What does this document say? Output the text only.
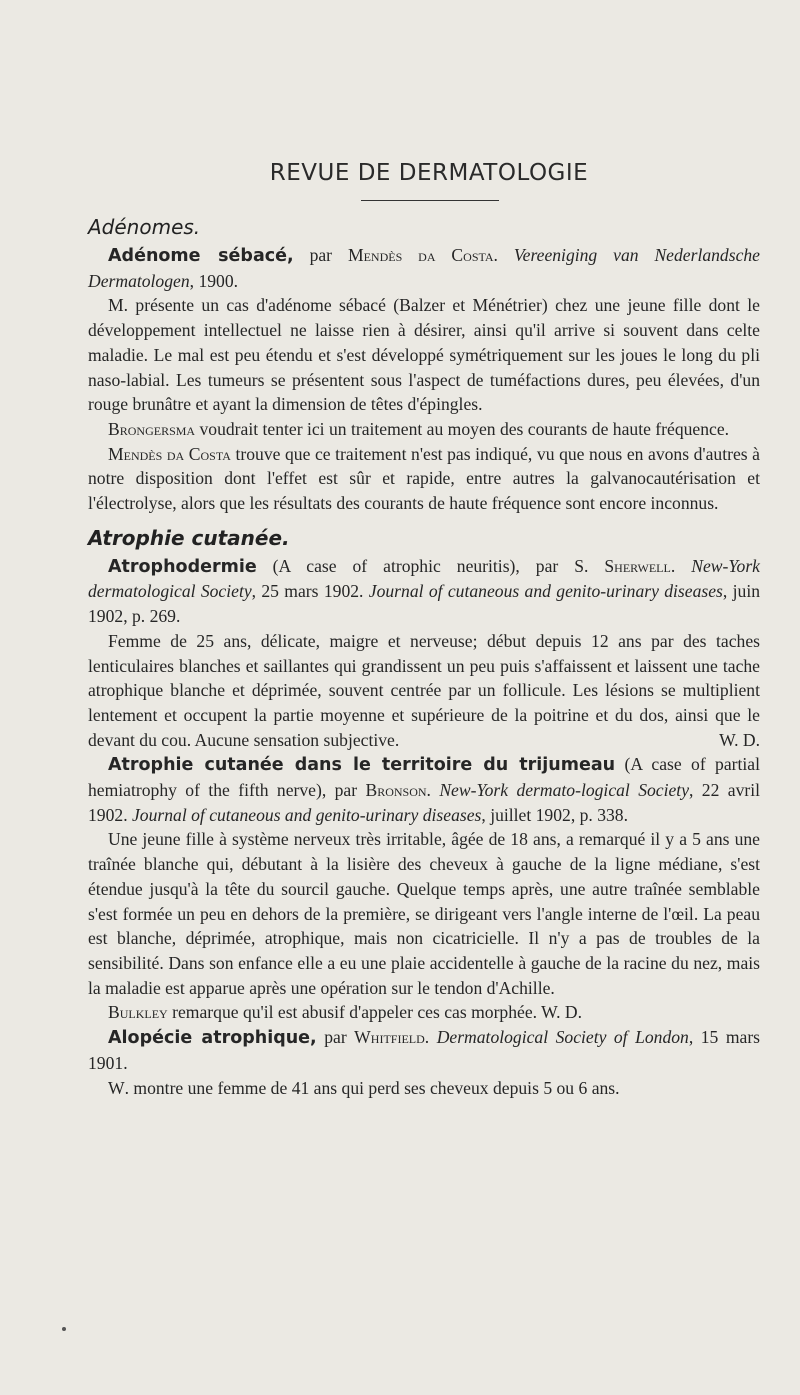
REVUE DE DERMATOLOGIE
Adénomes.

Adénome sébacé, par Mendès da Costa. Vereeniging van Nederlandsche Dermatologen, 1900.

M. présente un cas d'adénome sébacé (Balzer et Ménétrier) chez une jeune fille dont le développement intellectuel ne laisse rien à désirer, ainsi qu'il arrive si souvent dans celte maladie. Le mal est peu étendu et s'est développé symétriquement sur les joues le long du pli naso-labial. Les tumeurs se présentent sous l'aspect de tuméfactions dures, peu élevées, d'un rouge brunâtre et ayant la dimension de têtes d'épingles.

Brongersma voudrait tenter ici un traitement au moyen des courants de haute fréquence.

Mendès da Costa trouve que ce traitement n'est pas indiqué, vu que nous en avons d'autres à notre disposition dont l'effet est sûr et rapide, entre autres la galvanocautérisation et l'électrolyse, alors que les résultats des courants de haute fréquence sont encore inconnus.

Atrophie cutanée.

Atrophodermie (A case of atrophic neuritis), par S. Sherwell. New-York dermatological Society, 25 mars 1902. Journal of cutaneous and genito-urinary diseases, juin 1902, p. 269.

Femme de 25 ans, délicate, maigre et nerveuse; début depuis 12 ans par des taches lenticulaires blanches et saillantes qui grandissent un peu puis s'affaissent et laissent une tache atrophique blanche et déprimée, souvent centrée par un follicule. Les lésions se multiplient lentement et occupent la partie moyenne et supérieure de la poitrine et du dos, ainsi que le devant du cou. Aucune sensation subjective.	W. D.

Atrophie cutanée dans le territoire du trijumeau (A case of partial hemiatrophy of the fifth nerve), par Bronson. New-York dermato-logical Society, 22 avril 1902. Journal of cutaneous and genito-urinary diseases, juillet 1902, p. 338.

Une jeune fille à système nerveux très irritable, âgée de 18 ans, a remarqué il y a 5 ans une traînée blanche qui, débutant à la lisière des cheveux à gauche de la ligne médiane, s'est étendue jusqu'à la tête du sourcil gauche. Quelque temps après, une autre traînée semblable s'est formée un peu en dehors de la première, se dirigeant vers l'angle interne de l'œil. La peau est blanche, déprimée, atrophique, mais non cicatricielle. Il n'y a pas de troubles de la sensibilité. Dans son enfance elle a eu une plaie accidentelle à gauche de la racine du nez, mais la maladie est apparue après une opération sur le tendon d'Achille.

Bulkley remarque qu'il est abusif d'appeler ces cas morphée. W. D.

Alopécie atrophique, par Whitfield. Dermatological Society of London, 15 mars 1901.

W. montre une femme de 41 ans qui perd ses cheveux depuis 5 ou 6 ans.
